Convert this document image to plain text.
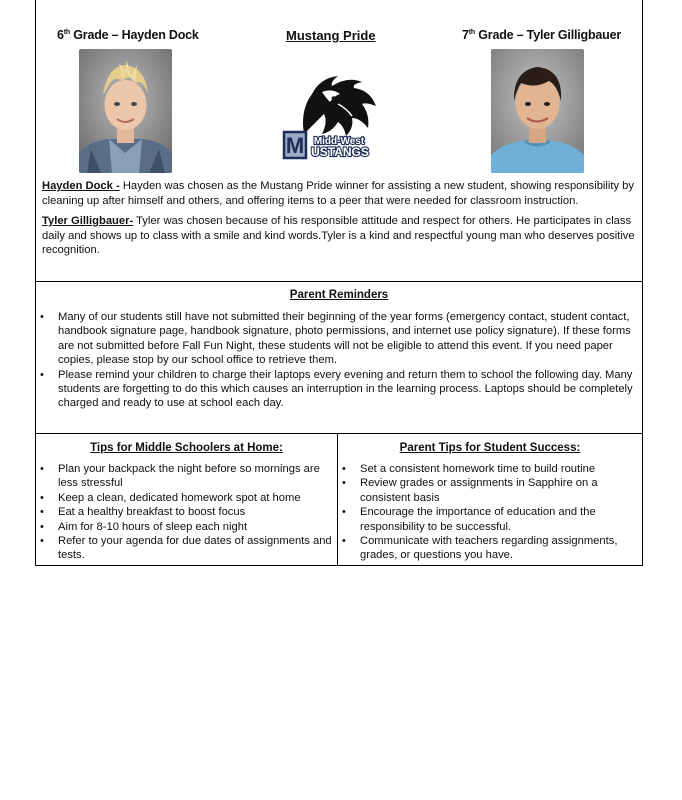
6th Grade – Hayden Dock	Mustang Pride	7th Grade – Tyler Gilligbauer
M Midd-West
USTANGS
Hayden Dock - Hayden was chosen as the Mustang Pride winner for assisting a new student, showing responsibility by cleaning up after himself and others, and offering items to a peer that were needed for classroom instruction.
Tyler Gilligbauer- Tyler was chosen because of his responsible attitude and respect for others. He participates in class daily and shows up to class with a smile and kind words.Tyler is a kind and respectful young man who deserves positive recognition.
Parent Reminders
• Many of our students still have not submitted their beginning of the year forms (emergency contact, student contact, handbook signature page, handbook signature, photo permissions, and internet use policy signature). If these forms are not submitted before Fall Fun Night, these students will not be eligible to attend this event. If you need paper copies, please stop by our school office to retrieve them.
• Please remind your children to charge their laptops every evening and return them to school the following day. Many students are forgetting to do this which causes an interruption in the learning process. Laptops should be completely charged and ready to use at school each day.
Tips for Middle Schoolers at Home:
• Plan your backpack the night before so mornings are less stressful
• Keep a clean, dedicated homework spot at home
• Eat a healthy breakfast to boost focus
• Aim for 8-10 hours of sleep each night
• Refer to your agenda for due dates of assignments and tests.
Parent Tips for Student Success:
• Set a consistent homework time to build routine
• Review grades or assignments in Sapphire on a consistent basis
• Encourage the importance of education and the responsibility to be successful.
• Communicate with teachers regarding assignments, grades, or questions you have.
